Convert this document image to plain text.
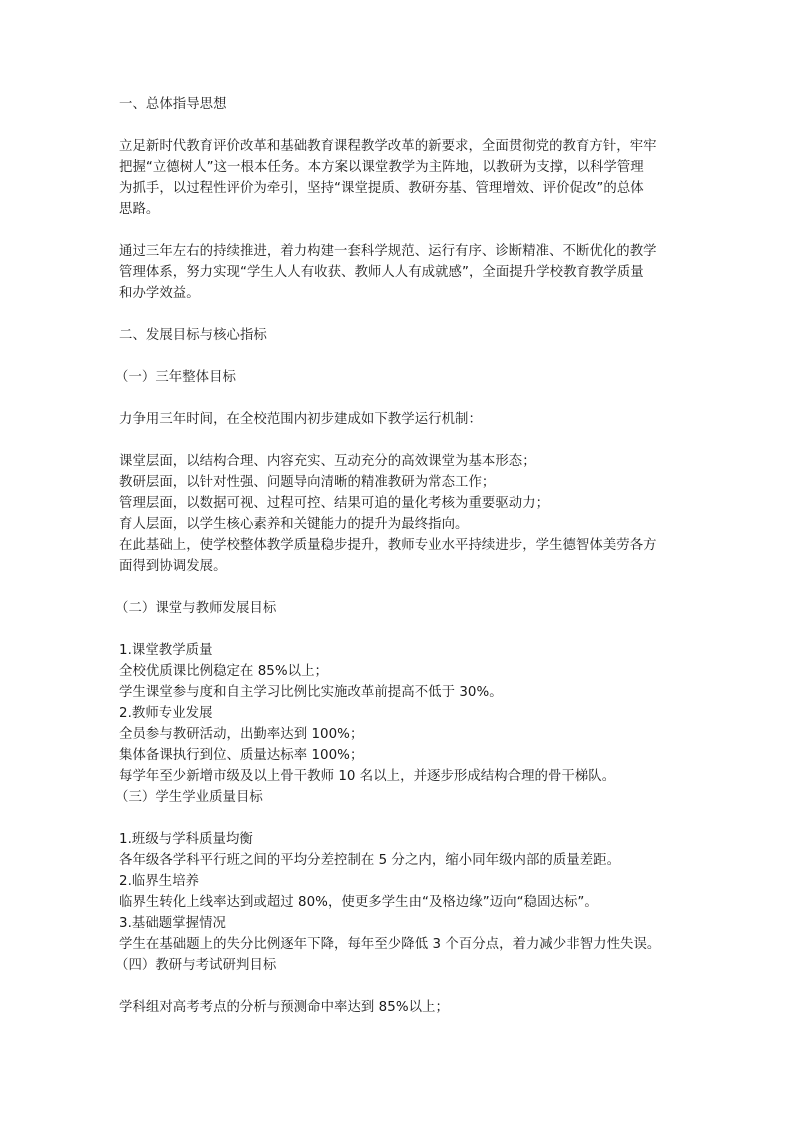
一、总体指导思想
立足新时代教育评价改革和基础教育课程教学改革的新要求，全面贯彻党的教育方针，牢牢
把握“立德树人”这一根本任务。本方案以课堂教学为主阵地，以教研为支撑，以科学管理
为抓手，以过程性评价为牵引，坚持“课堂提质、教研夯基、管理增效、评价促改”的总体
思路。
通过三年左右的持续推进，着力构建一套科学规范、运行有序、诊断精准、不断优化的教学
管理体系，努力实现“学生人人有收获、教师人人有成就感”，全面提升学校教育教学质量
和办学效益。
二、发展目标与核心指标
（一）三年整体目标
力争用三年时间，在全校范围内初步建成如下教学运行机制：
课堂层面，以结构合理、内容充实、互动充分的高效课堂为基本形态；
教研层面，以针对性强、问题导向清晰的精准教研为常态工作；
管理层面，以数据可视、过程可控、结果可追的量化考核为重要驱动力；
育人层面，以学生核心素养和关键能力的提升为最终指向。
在此基础上，使学校整体教学质量稳步提升，教师专业水平持续进步，学生德智体美劳各方
面得到协调发展。
（二）课堂与教师发展目标
1.课堂教学质量
全校优质课比例稳定在 85%以上；
学生课堂参与度和自主学习比例比实施改革前提高不低于 30%。
2.教师专业发展
全员参与教研活动，出勤率达到 100%；
集体备课执行到位、质量达标率 100%；
每学年至少新增市级及以上骨干教师 10 名以上，并逐步形成结构合理的骨干梯队。
（三）学生学业质量目标
1.班级与学科质量均衡
各年级各学科平行班之间的平均分差控制在 5 分之内，缩小同年级内部的质量差距。
2.临界生培养
临界生转化上线率达到或超过 80%，使更多学生由“及格边缘”迈向“稳固达标”。
3.基础题掌握情况
学生在基础题上的失分比例逐年下降，每年至少降低 3 个百分点，着力减少非智力性失误。
（四）教研与考试研判目标
学科组对高考考点的分析与预测命中率达到 85%以上；
